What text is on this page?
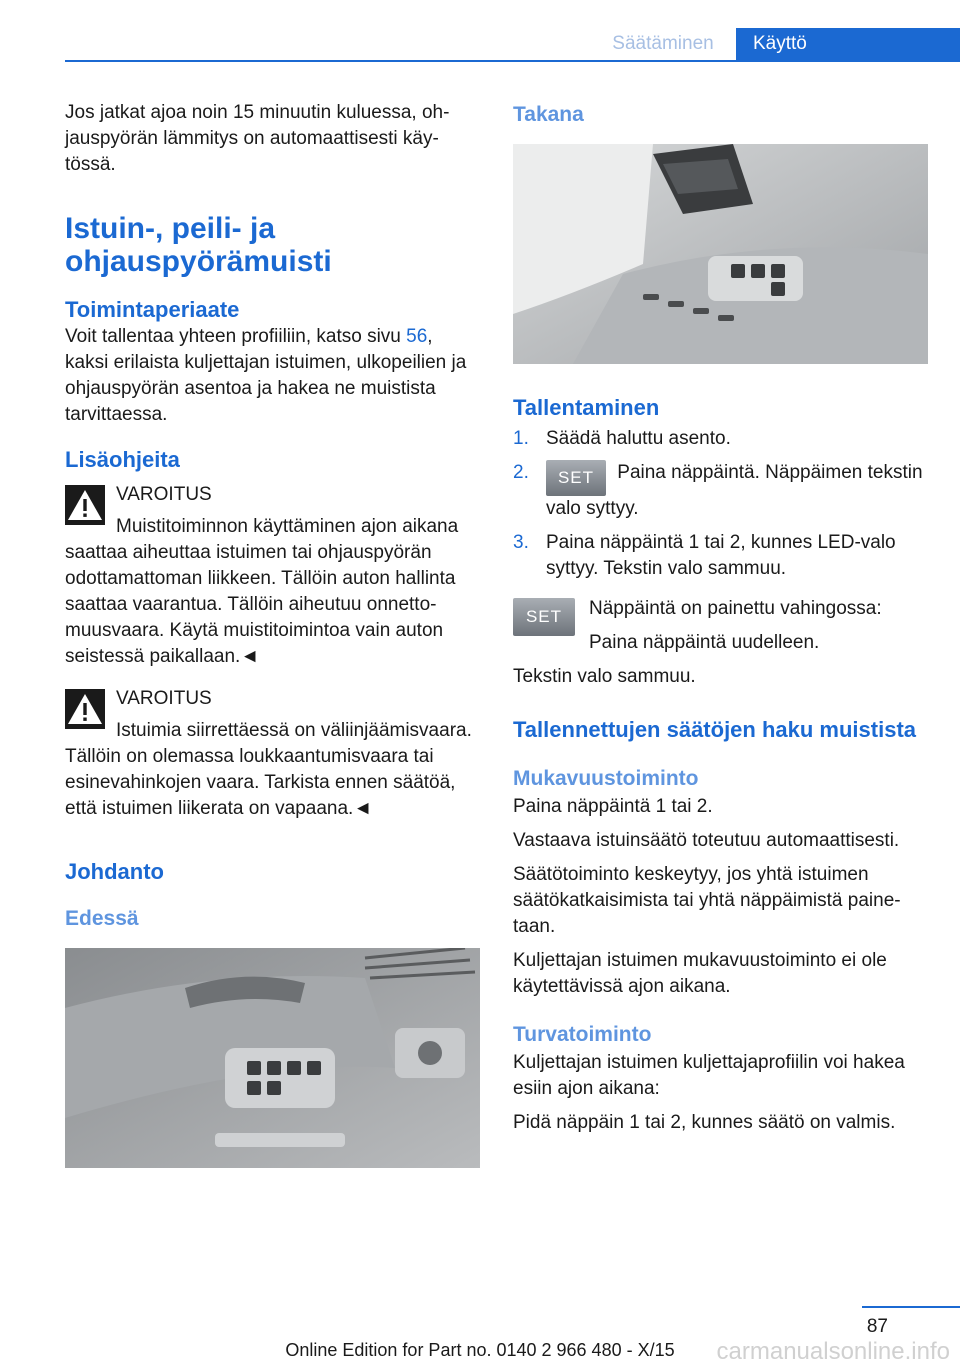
Säätäminen	Käyttö

Jos jatkat ajoa noin 15 minuutin kuluessa, ohjauspyörän lämmitys on automaattisesti käytössä.

Istuin-, peili- ja ohjauspyörämuisti
Toimintaperiaate

Voit tallentaa yhteen profiiliin, katso sivu 56, kaksi erilaista kuljettajan istuimen, ulkopeilien ja ohjauspyörän asentoa ja hakea ne muistista tarvittaessa.

Lisäohjeita

VAROITUS

Muistitoiminnon käyttäminen ajon aikana saattaa aiheuttaa istuimen tai ohjauspyörän odottamattoman liikkeen. Tällöin auton hallinta saattaa vaarantua. Tällöin aiheutuu onnettomuusvaara. Käytä muistitoimintoa vain auton seistessä paikallaan.◄

VAROITUS

Istuimia siirrettäessä on väliinjäämisvaara. Tällöin on olemassa loukkaantumisvaara tai esinevahinkojen vaara. Tarkista ennen säätöä, että istuimen liikerata on vapaana.◄

Johdanto
Edessä
Takana
Tallentaminen
1. Säädä haluttu asento.
2. SET Paina näppäintä. Näppäimen tekstin valo syttyy.
3. Paina näppäintä 1 tai 2, kunnes LED-valo syttyy. Tekstin valo sammuu.
SET	Näppäintä on painettu vahingossa:

Paina näppäintä uudelleen.

Tekstin valo sammuu.

Tallennettujen säätöjen haku muistista
Mukavuustoiminto

Paina näppäintä 1 tai 2.

Vastaava istuinsäätö toteutuu automaattisesti.

Säätötoiminto keskeytyy, jos yhtä istuimen säätökatkaisimista tai yhtä näppäimistä painetaan.

Kuljettajan istuimen mukavuustoiminto ei ole käytettävissä ajon aikana.

Turvatoiminto

Kuljettajan istuimen kuljettajaprofiilin voi hakea esiin ajon aikana:

Pidä näppäin 1 tai 2, kunnes säätö on valmis.

87
Online Edition for Part no. 0140 2 966 480 - X/15	carmanualsonline.info
